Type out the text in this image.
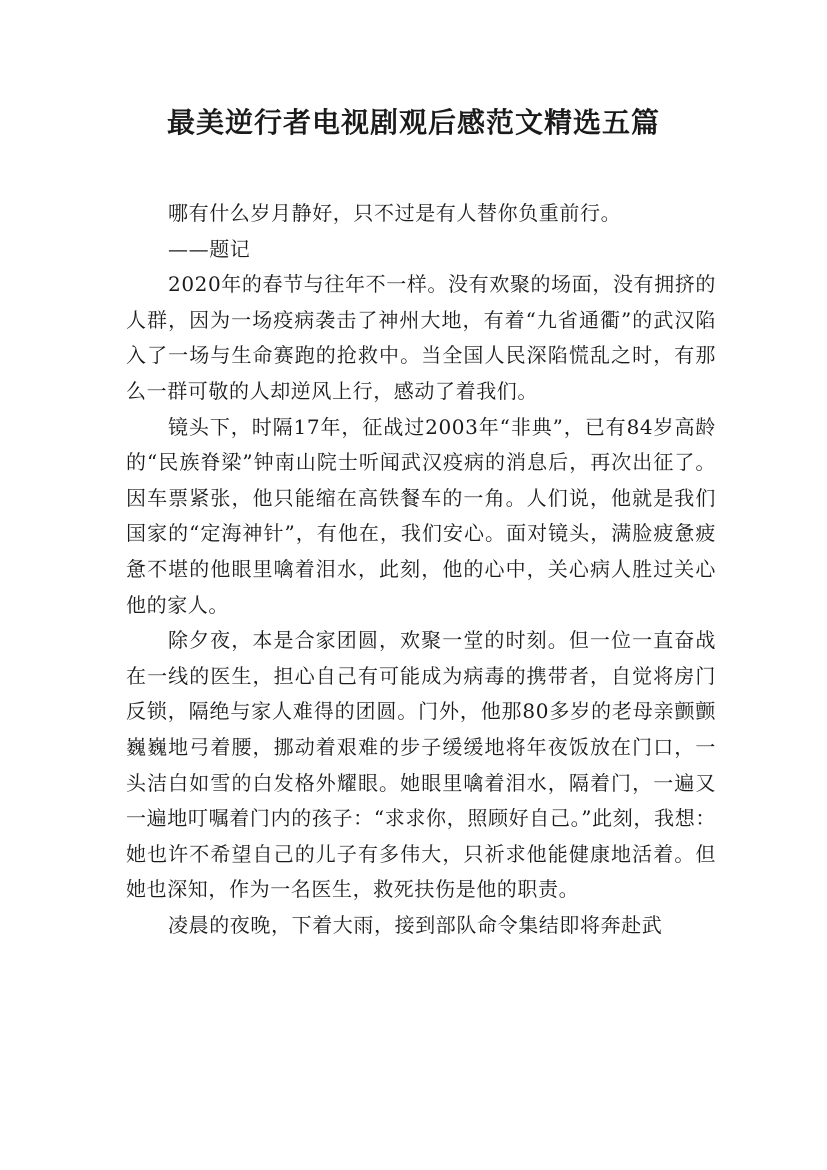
最美逆行者电视剧观后感范文精选五篇

哪有什么岁月静好，只不过是有人替你负重前行。

——题记

2020年的春节与往年不一样。没有欢聚的场面，没有拥挤的人群，因为一场疫病袭击了神州大地，有着“九省通衢”的武汉陷入了一场与生命赛跑的抢救中。当全国人民深陷慌乱之时，有那么一群可敬的人却逆风上行，感动了着我们。

镜头下，时隔17年，征战过2003年“非典”，已有84岁高龄的“民族脊梁”钟南山院士听闻武汉疫病的消息后，再次出征了。因车票紧张，他只能缩在高铁餐车的一角。人们说，他就是我们国家的“定海神针”，有他在，我们安心。面对镜头，满脸疲惫疲惫不堪的他眼里噙着泪水，此刻，他的心中，关心病人胜过关心他的家人。

除夕夜，本是合家团圆，欢聚一堂的时刻。但一位一直奋战在一线的医生，担心自己有可能成为病毒的携带者，自觉将房门反锁，隔绝与家人难得的团圆。门外，他那80多岁的老母亲颤颤巍巍地弓着腰，挪动着艰难的步子缓缓地将年夜饭放在门口，一头洁白如雪的白发格外耀眼。她眼里噙着泪水，隔着门，一遍又一遍地叮嘱着门内的孩子：“求求你，照顾好自己。”此刻，我想：她也许不希望自己的儿子有多伟大，只祈求他能健康地活着。但她也深知，作为一名医生，救死扶伤是他的职责。

凌晨的夜晚，下着大雨，接到部队命令集结即将奔赴武
